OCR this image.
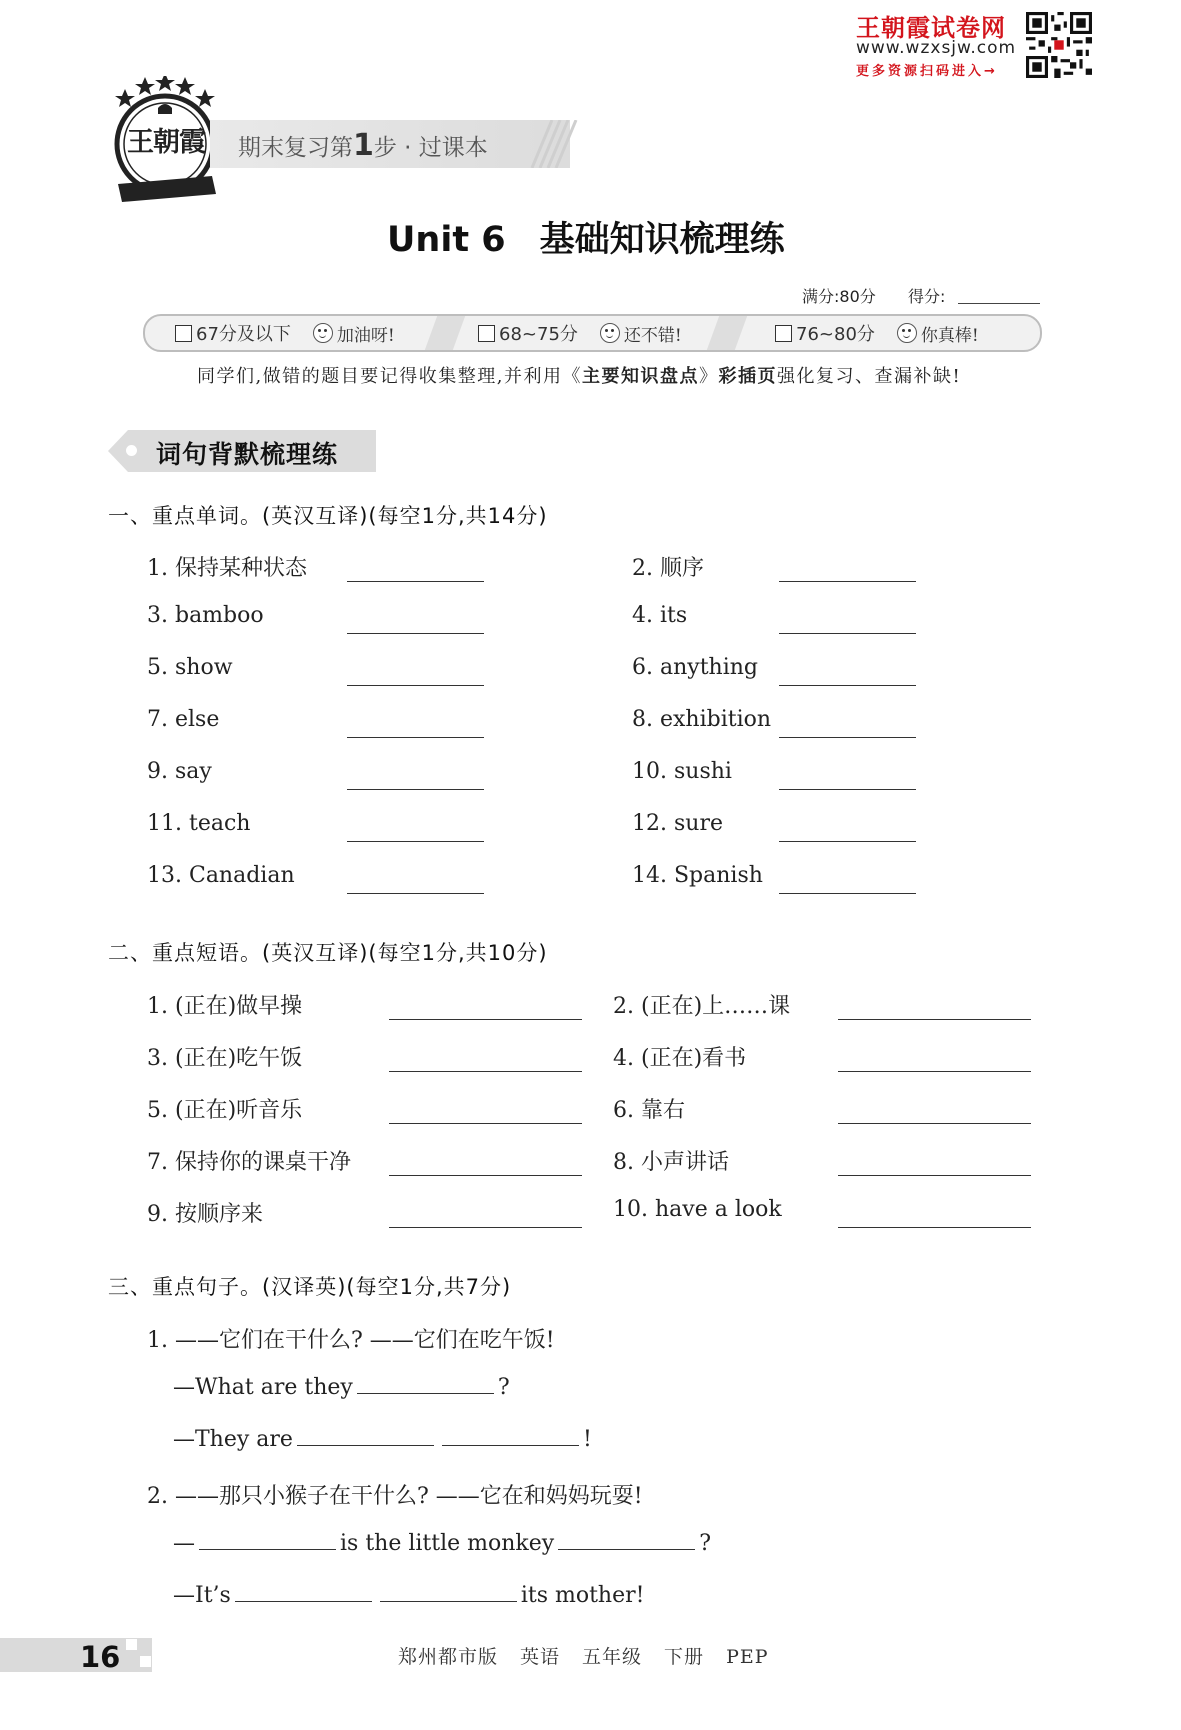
王朝霞试卷网
www.wzxsjw.com
更多资源扫码进入→
王朝霞	期末复习第1步 · 过课本
Unit 6 基础知识梳理练
满分:80分 得分:
67分及以下	加油呀!	68~75分	还不错!	76~80分	你真棒!
同学们,做错的题目要记得收集整理,并利用《主要知识盘点》彩插页强化复习、查漏补缺!
词句背默梳理练
一、重点单词。(英汉互译)(每空1分,共14分)
1. 保持某种状态	2. 顺序
3. bamboo	4. its
5. show	6. anything
7. else	8. exhibition
9. say	10. sushi
11. teach	12. sure
13. Canadian	14. Spanish
二、重点短语。(英汉互译)(每空1分,共10分)
1. (正在)做早操	2. (正在)上……课
3. (正在)吃午饭	4. (正在)看书
5. (正在)听音乐	6. 靠右
7. 保持你的课桌干净	8. 小声讲话
9. 按顺序来	10. have a look
三、重点句子。(汉译英)(每空1分,共7分)
1. ——它们在干什么? ——它们在吃午饭!
—What are they	?
—They are	!
2. ——那只小猴子在干什么? ——它在和妈妈玩耍!
—	is the little monkey	?
—It’s	its mother!
16	郑州都市版 英语 五年级 下册 PEP
